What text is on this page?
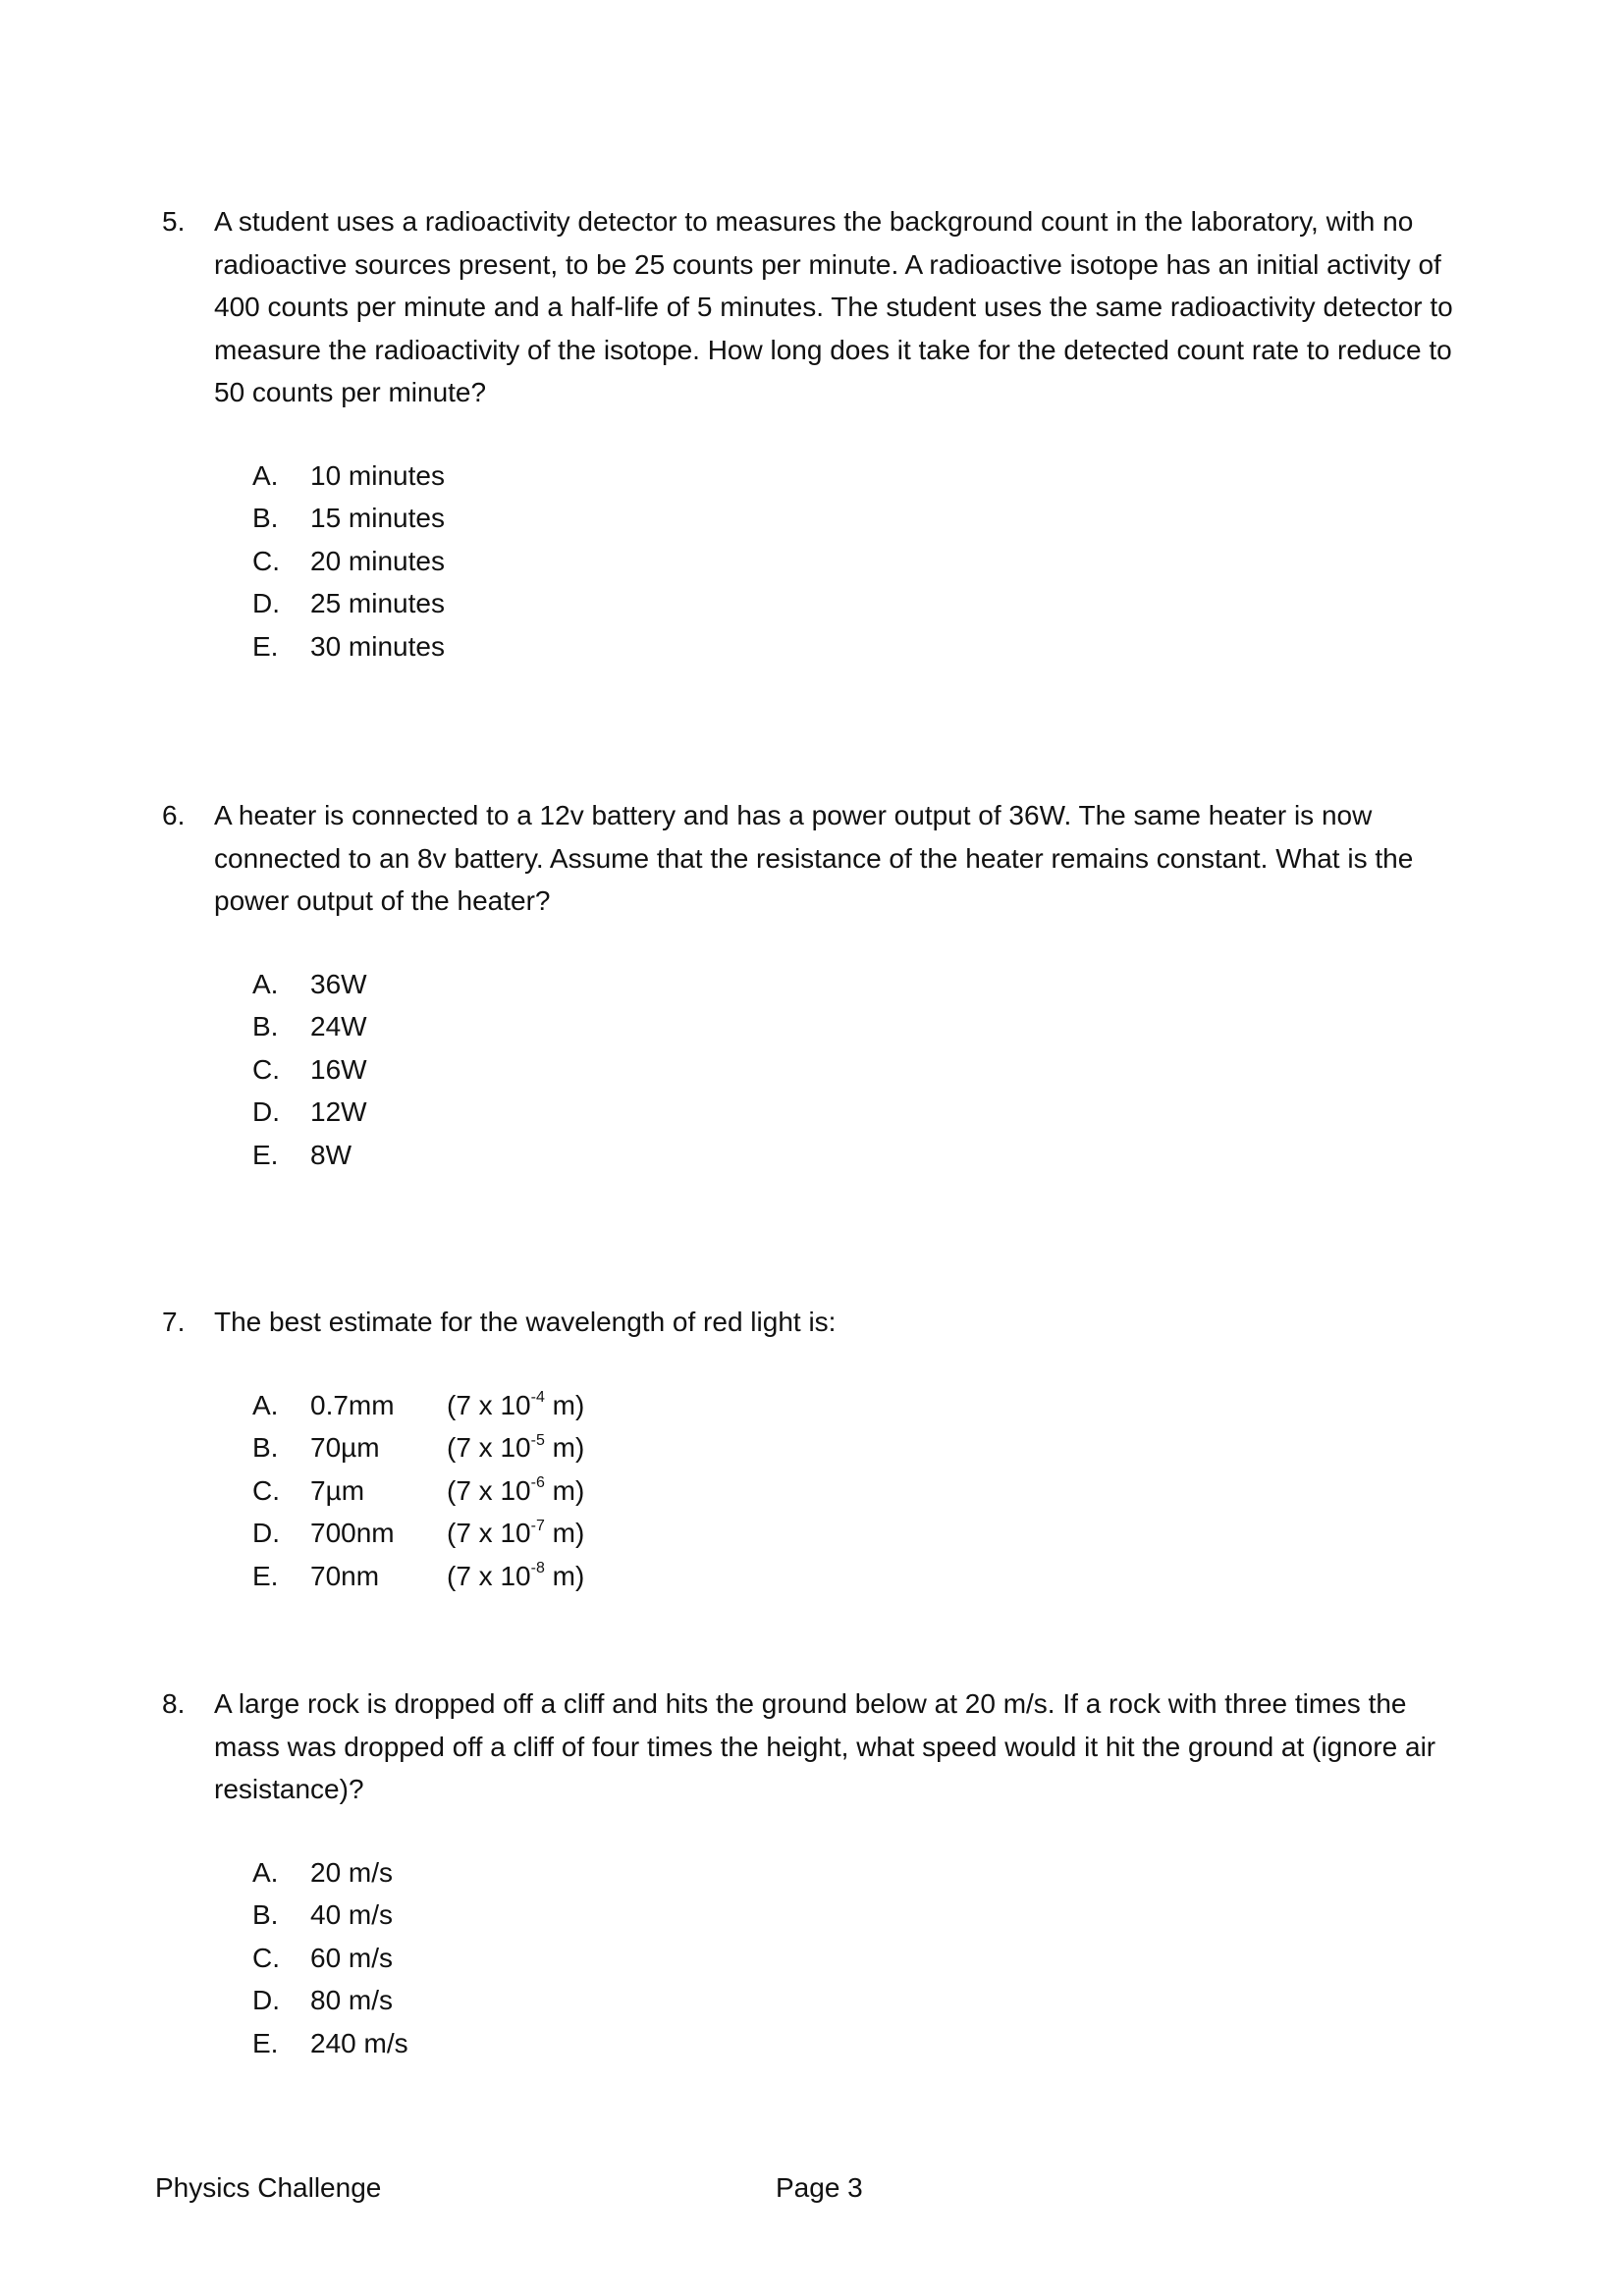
5.	A student uses a radioactivity detector to measures the background count in the laboratory, with no radioactive sources present, to be 25 counts per minute. A radioactive isotope has an initial activity of 400 counts per minute and a half-life of 5 minutes. The student uses the same radioactivity detector to measure the radioactivity of the isotope. How long does it take for the detected count rate to reduce to 50 counts per minute?
A.	10 minutes
B.	15 minutes
C.	20 minutes
D.	25 minutes
E.	30 minutes
6.	A heater is connected to a 12v battery and has a power output of 36W. The same heater is now connected to an 8v battery. Assume that the resistance of the heater remains constant. What is the power output of the heater?
A.	36W
B.	24W
C.	16W
D.	12W
E.	8W
7.	The best estimate for the wavelength of red light is:
A.	0.7mm	(7 x $10^{-4}$ m)
B.	70µm	(7 x $10^{-5}$ m)
C.	7µm	(7 x $10^{-6}$ m)
D.	700nm	(7 x $10^{-7}$ m)
E.	70nm	(7 x $10^{-8}$ m)
8.	A large rock is dropped off a cliff and hits the ground below at 20 m/s. If a rock with three times the mass was dropped off a cliff of four times the height, what speed would it hit the ground at (ignore air resistance)?
A.	20 m/s
B.	40 m/s
C.	60 m/s
D.	80 m/s
E.	240 m/s
Physics Challenge	Page 3
